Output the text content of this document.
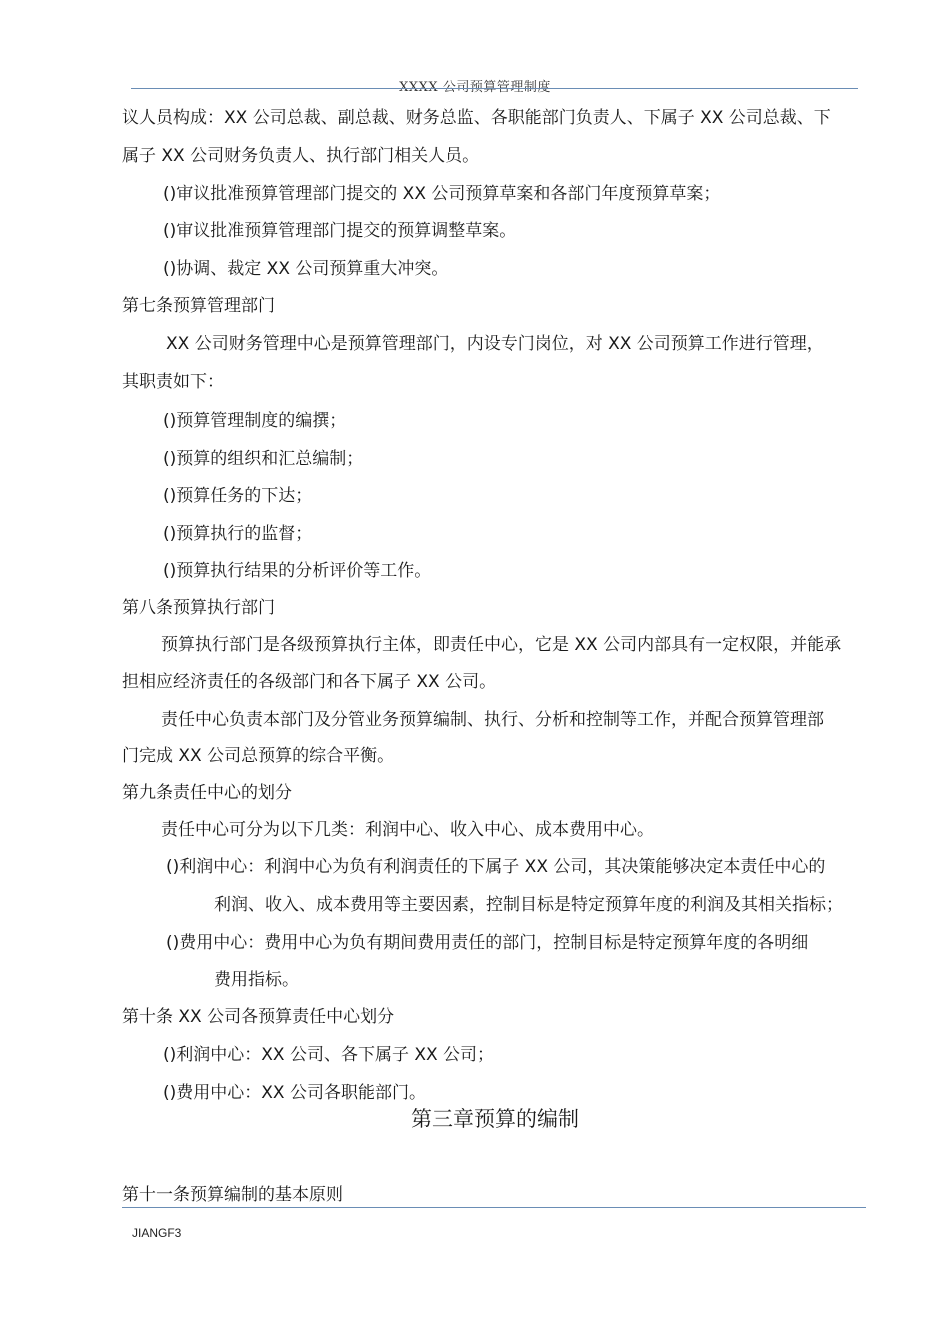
XXXX 公司预算管理制度
议人员构成：XX 公司总裁、副总裁、财务总监、各职能部门负责人、下属子 XX 公司总裁、下
属子 XX 公司财务负责人、执行部门相关人员。
()审议批准预算管理部门提交的 XX 公司预算草案和各部门年度预算草案；
()审议批准预算管理部门提交的预算调整草案。
()协调、裁定 XX 公司预算重大冲突。
第七条预算管理部门
XX 公司财务管理中心是预算管理部门，内设专门岗位，对 XX 公司预算工作进行管理，
其职责如下：
()预算管理制度的编撰；
()预算的组织和汇总编制；
()预算任务的下达；
()预算执行的监督；
()预算执行结果的分析评价等工作。
第八条预算执行部门
预算执行部门是各级预算执行主体，即责任中心，它是 XX 公司内部具有一定权限，并能承
担相应经济责任的各级部门和各下属子 XX 公司。
责任中心负责本部门及分管业务预算编制、执行、分析和控制等工作，并配合预算管理部
门完成 XX 公司总预算的综合平衡。
第九条责任中心的划分
责任中心可分为以下几类：利润中心、收入中心、成本费用中心。
()利润中心：利润中心为负有利润责任的下属子 XX 公司，其决策能够决定本责任中心的
利润、收入、成本费用等主要因素，控制目标是特定预算年度的利润及其相关指标；
()费用中心：费用中心为负有期间费用责任的部门，控制目标是特定预算年度的各明细
费用指标。
第十条 XX 公司各预算责任中心划分
()利润中心：XX 公司、各下属子 XX 公司；
()费用中心：XX 公司各职能部门。
第三章预算的编制
第十一条预算编制的基本原则
JIANGF3
